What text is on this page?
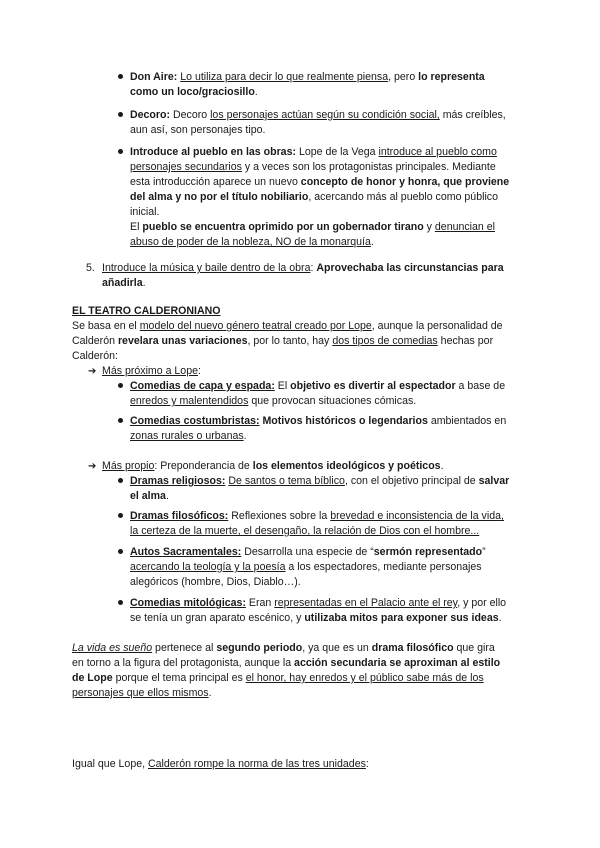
Don Aire: Lo utiliza para decir lo que realmente piensa, pero lo representa
como un loco/graciosillo.
Decoro: Decoro los personajes actúan según su condición social, más creíbles,
aun así, son personajes tipo.
Introduce al pueblo en las obras: Lope de la Vega introduce al pueblo como
personajes secundarios y a veces son los protagonistas principales. Mediante
esta introducción aparece un nuevo concepto de honor y honra, que proviene
del alma y no por el título nobiliario, acercando más al pueblo como público
inicial.
El pueblo se encuentra oprimido por un gobernador tirano y denuncian el
abuso de poder de la nobleza, NO de la monarquía.
5. Introduce la música y baile dentro de la obra: Aprovechaba las circunstancias para
añadirla.
EL TEATRO CALDERONIANO
Se basa en el modelo del nuevo género teatral creado por Lope, aunque la personalidad de
Calderón revelara unas variaciones, por lo tanto, hay dos tipos de comedias hechas por
Calderón:
➔ Más próximo a Lope:
Comedias de capa y espada: El objetivo es divertir al espectador a base de
enredos y malentendidos que provocan situaciones cómicas.
Comedias costumbristas: Motivos históricos o legendarios ambientados en
zonas rurales o urbanas.
➔ Más propio: Preponderancia de los elementos ideológicos y poéticos.
Dramas religiosos: De santos o tema bíblico, con el objetivo principal de salvar
el alma.
Dramas filosóficos: Reflexiones sobre la brevedad e inconsistencia de la vida,
la certeza de la muerte, el desengaño, la relación de Dios con el hombre...
Autos Sacramentales: Desarrolla una especie de “sermón representado”
acercando la teología y la poesía a los espectadores, mediante personajes
alegóricos (hombre, Dios, Diablo…).
Comedias mitológicas: Eran representadas en el Palacio ante el rey, y por ello
se tenía un gran aparato escénico, y utilizaba mitos para exponer sus ideas.
La vida es sueño pertenece al segundo periodo, ya que es un drama filosófico que gira
en torno a la figura del protagonista, aunque la acción secundaria se aproximan al estilo
de Lope porque el tema principal es el honor, hay enredos y el público sabe más de los
personajes que ellos mismos.
Igual que Lope, Calderón rompe la norma de las tres unidades:
